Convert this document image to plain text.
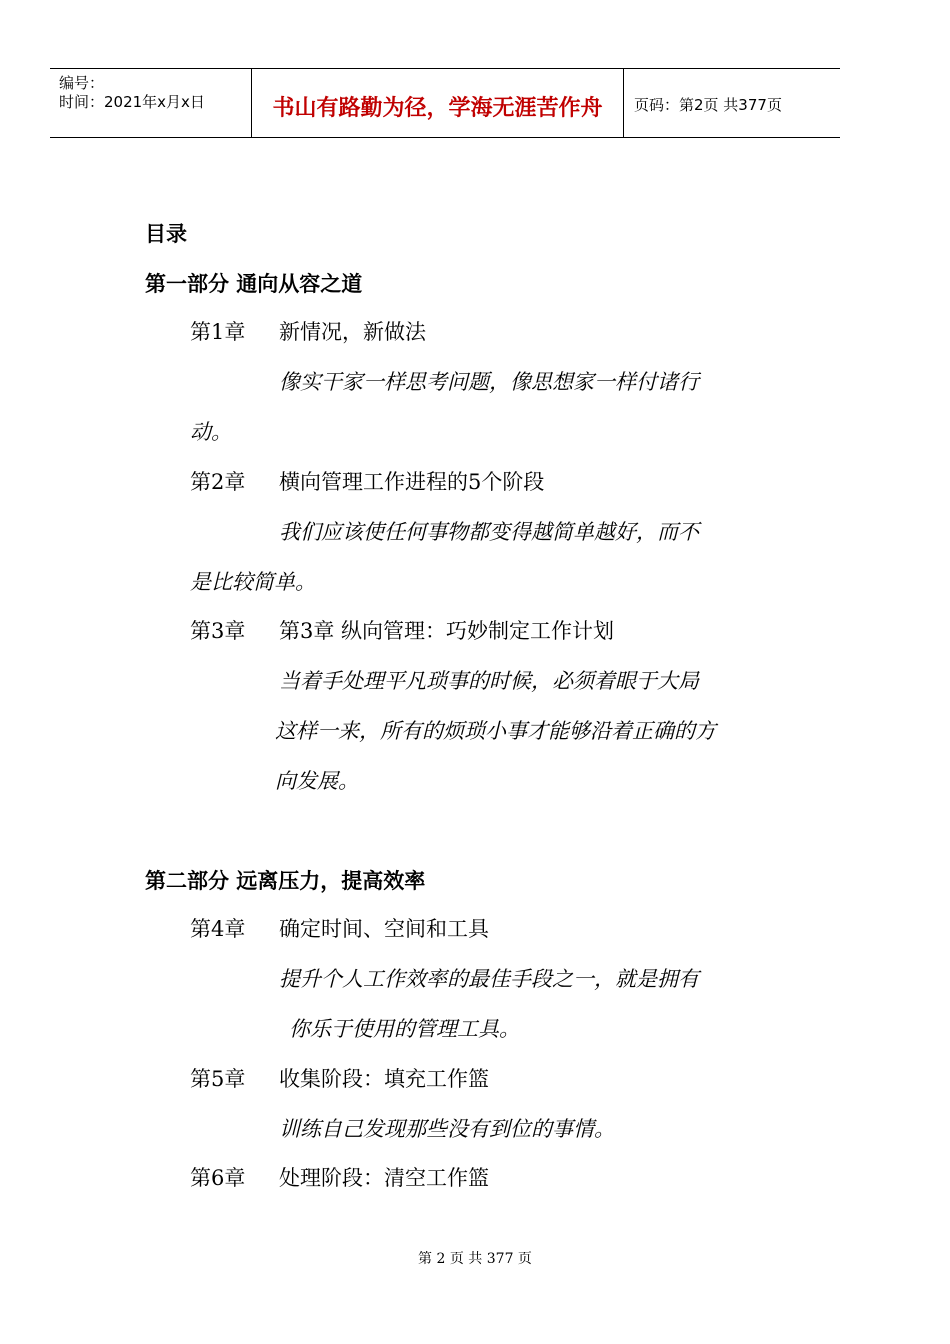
编号：
时间：2021年x月x日	书山有路勤为径，学海无涯苦作舟	页码：第2页 共377页
目录
第一部分 通向从容之道
第1章 新情况，新做法
像实干家一样思考问题，像思想家一样付诸行
动。
第2章 横向管理工作进程的5个阶段
我们应该使任何事物都变得越简单越好，而不
是比较简单。
第3章 第3章 纵向管理：巧妙制定工作计划
当着手处理平凡琐事的时候，必须着眼于大局
这样一来，所有的烦琐小事才能够沿着正确的方
向发展。
第二部分 远离压力，提高效率
第4章 确定时间、空间和工具
提升个人工作效率的最佳手段之一，就是拥有
你乐于使用的管理工具。
第5章 收集阶段：填充工作篮
训练自己发现那些没有到位的事情。
第6章 处理阶段：清空工作篮
第 2 页 共 377 页
